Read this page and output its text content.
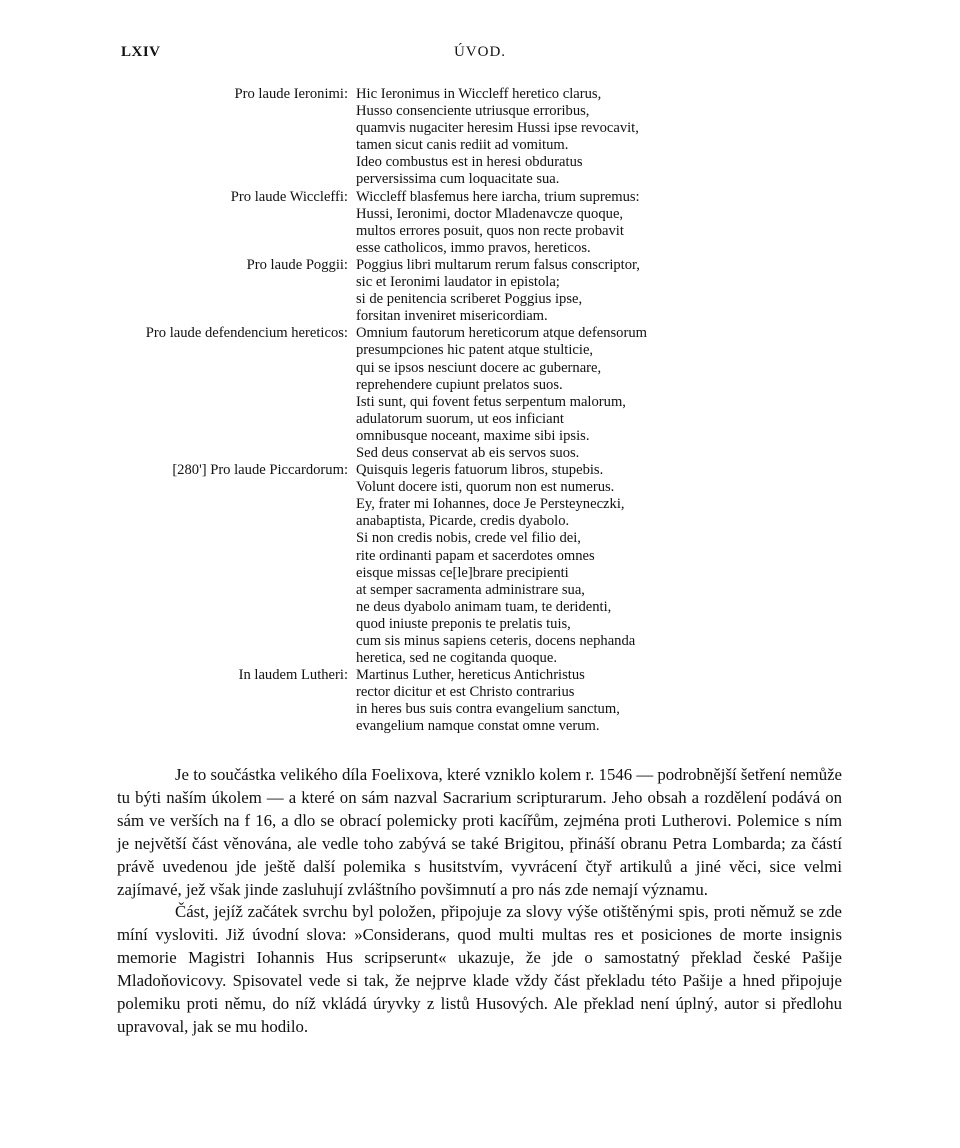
LXIV	ÚVOD.
Pro laude Ieronimi: Hic Ieronimus in Wiccleff heretico clarus,
Husso consenciente utriusque erroribus,
quamvis nugaciter heresim Hussi ipse revocavit,
tamen sicut canis rediit ad vomitum.
Ideo combustus est in heresi obduratus
perversissima cum loquacitate sua.
Pro laude Wiccleffi: Wiccleff blasfemus here iarcha, trium supremus:
Hussi, Ieronimi, doctor Mladenavcze quoque,
multos errores posuit, quos non recte probavit
esse catholicos, immo pravos, hereticos.
Pro laude Poggii: Poggius libri multarum rerum falsus conscriptor,
sic et Ieronimi laudator in epistola;
si de penitencia scriberet Poggius ipse,
forsitan inveniret misericordiam.
Pro laude defendencium hereticos: Omnium fautorum hereticorum atque defensorum
presumpciones hic patent atque stulticie,
qui se ipsos nesciunt docere ac gubernare,
reprehendere cupiunt prelatos suos.
Isti sunt, qui fovent fetus serpentum malorum,
adulatorum suorum, ut eos inficiant
omnibusque noceant, maxime sibi ipsis.
Sed deus conservat ab eis servos suos.
[280'] Pro laude Piccardorum: Quisquis legeris fatuorum libros, stupebis.
Volunt docere isti, quorum non est numerus.
Ey, frater mi Iohannes, doce Je Persteyneczki,
anabaptista, Picarde, credis dyabolo.
Si non credis nobis, crede vel filio dei,
rite ordinanti papam et sacerdotes omnes
eisque missas ce[le]brare precipienti
at semper sacramenta administrare sua,
ne deus dyabolo animam tuam, te deridenti,
quod iniuste preponis te prelatis tuis,
cum sis minus sapiens ceteris, docens nephanda
heretica, sed ne cogitanda quoque.
In laudem Lutheri: Martinus Luther, hereticus Antichristus
rector dicitur et est Christo contrarius
in heres bus suis contra evangelium sanctum,
evangelium namque constat omne verum.

Je to součástka velikého díla Foelixova, které vzniklo kolem r. 1546 — podrobnější šetření nemůže tu býti naším úkolem — a které on sám nazval Sacrarium scripturarum. Jeho obsah a rozdělení podává on sám ve verších na f 16, a dlo se obrací polemicky proti kacířům, zejména proti Lutherovi. Polemice s ním je největší část věnována, ale vedle toho zabývá se také Brigitou, přináší obranu Petra Lombarda; za částí právě uvedenou jde ještě další polemika s husitstvím, vyvrácení čtyř artikulů a jiné věci, sice velmi zajímavé, jež však jinde zasluhují zvláštního povšimnutí a pro nás zde nemají významu.

Část, jejíž začátek svrchu byl položen, připojuje za slovy výše otištěnými spis, proti němuž se zde míní vysloviti. Již úvodní slova: »Considerans, quod multi multas res et posiciones de morte insignis memorie Magistri Iohannis Hus scripserunt« ukazuje, že jde o samostatný překlad české Pašije Mladoňovicovy. Spisovatel vede si tak, že nejprve klade vždy část překladu této Pašije a hned připojuje polemiku proti němu, do níž vkládá úryvky z listů Husových. Ale překlad není úplný, autor si předlohu upravoval, jak se mu hodilo.
